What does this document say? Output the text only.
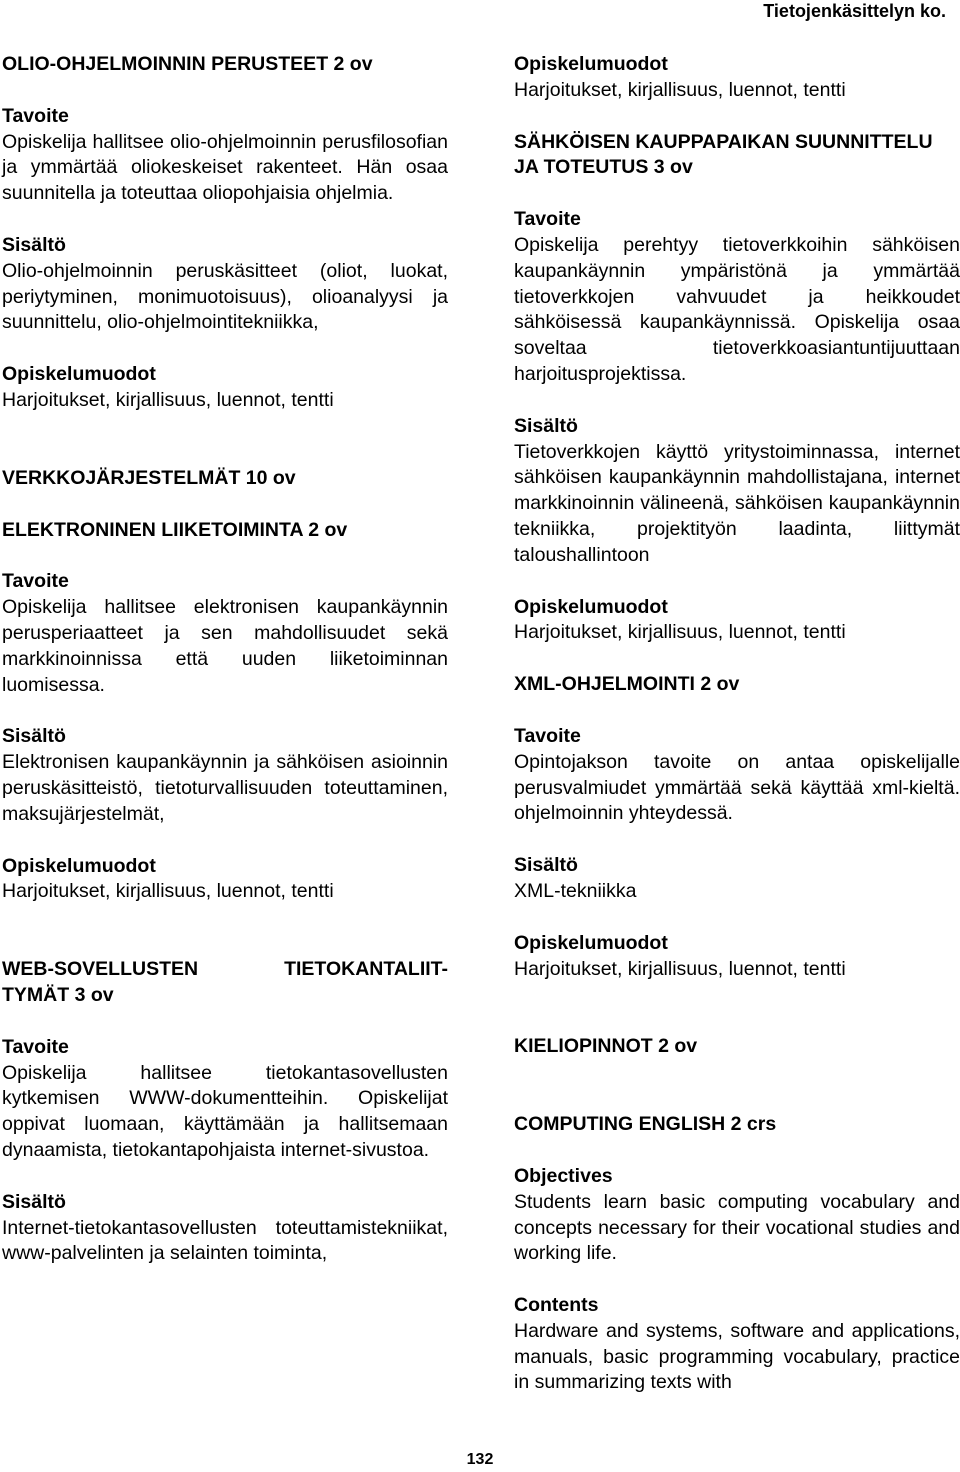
Tietojenkäsittelyn ko.
OLIO-OHJELMOINNIN PERUSTEET 2 ov
Tavoite

Opiskelija hallitsee olio-ohjelmoinnin perusfilosofian ja ymmärtää oliokeskeiset rakenteet. Hän osaa suunnitella ja toteuttaa oliopohjaisia ohjelmia.

Sisältö

Olio-ohjelmoinnin peruskäsitteet (oliot, luokat, periytyminen, monimuotoisuus), olioanalyysi ja suunnittelu, olio-ohjelmointitekniikka,

Opiskelumuodot

Harjoitukset, kirjallisuus, luennot, tentti

VERKKOJÄRJESTELMÄT 10 ov
ELEKTRONINEN LIIKETOIMINTA 2 ov
Tavoite

Opiskelija hallitsee elektronisen kaupankäynnin perusperiaatteet ja sen mahdollisuudet sekä markkinoinnissa että uuden liiketoiminnan luomisessa.

Sisältö

Elektronisen kaupankäynnin ja sähköisen asioinnin peruskäsitteistö, tietoturvallisuuden toteuttaminen, maksujärjestelmät,

Opiskelumuodot

Harjoitukset, kirjallisuus, luennot, tentti

WEB-SOVELLUSTEN	TIETOKANTALIIT-
TYMÄT 3 ov
Tavoite

Opiskelija hallitsee tietokantasovellusten kytkemisen WWW-dokumentteihin. Opiskelijat oppivat luomaan, käyttämään ja hallitsemaan dynaamista, tietokantapohjaista internet-sivustoa.

Sisältö

Internet-tietokantasovellusten toteuttamistekniikat, www-palvelinten ja selainten toiminta,

Opiskelumuodot

Harjoitukset, kirjallisuus, luennot, tentti

SÄHKÖISEN KAUPPAPAIKAN SUUNNITTELU JA TOTEUTUS 3 ov
Tavoite

Opiskelija perehtyy tietoverkkoihin sähköisen kaupankäynnin ympäristönä ja ymmärtää tietoverkkojen vahvuudet ja heikkoudet sähköisessä kaupankäynnissä. Opiskelija osaa soveltaa tietoverkkoasiantuntijuuttaan harjoitusprojektissa.

Sisältö

Tietoverkkojen käyttö yritystoiminnassa, internet sähköisen kaupankäynnin mahdollistajana, internet markkinoinnin välineenä, sähköisen kaupankäynnin tekniikka, projektityön laadinta, liittymät taloushallintoon

Opiskelumuodot

Harjoitukset, kirjallisuus, luennot, tentti

XML-OHJELMOINTI 2 ov
Tavoite

Opintojakson tavoite on antaa opiskelijalle perusvalmiudet ymmärtää sekä käyttää xml-kieltä. ohjelmoinnin yhteydessä.

Sisältö

XML-tekniikka

Opiskelumuodot

Harjoitukset, kirjallisuus, luennot, tentti

KIELIOPINNOT 2 ov
COMPUTING ENGLISH 2 crs
Objectives

Students learn basic computing vocabulary and concepts necessary for their vocational studies and working life.

Contents

Hardware and systems, software and applications, manuals, basic programming vocabulary, practice in summarizing texts with

132
